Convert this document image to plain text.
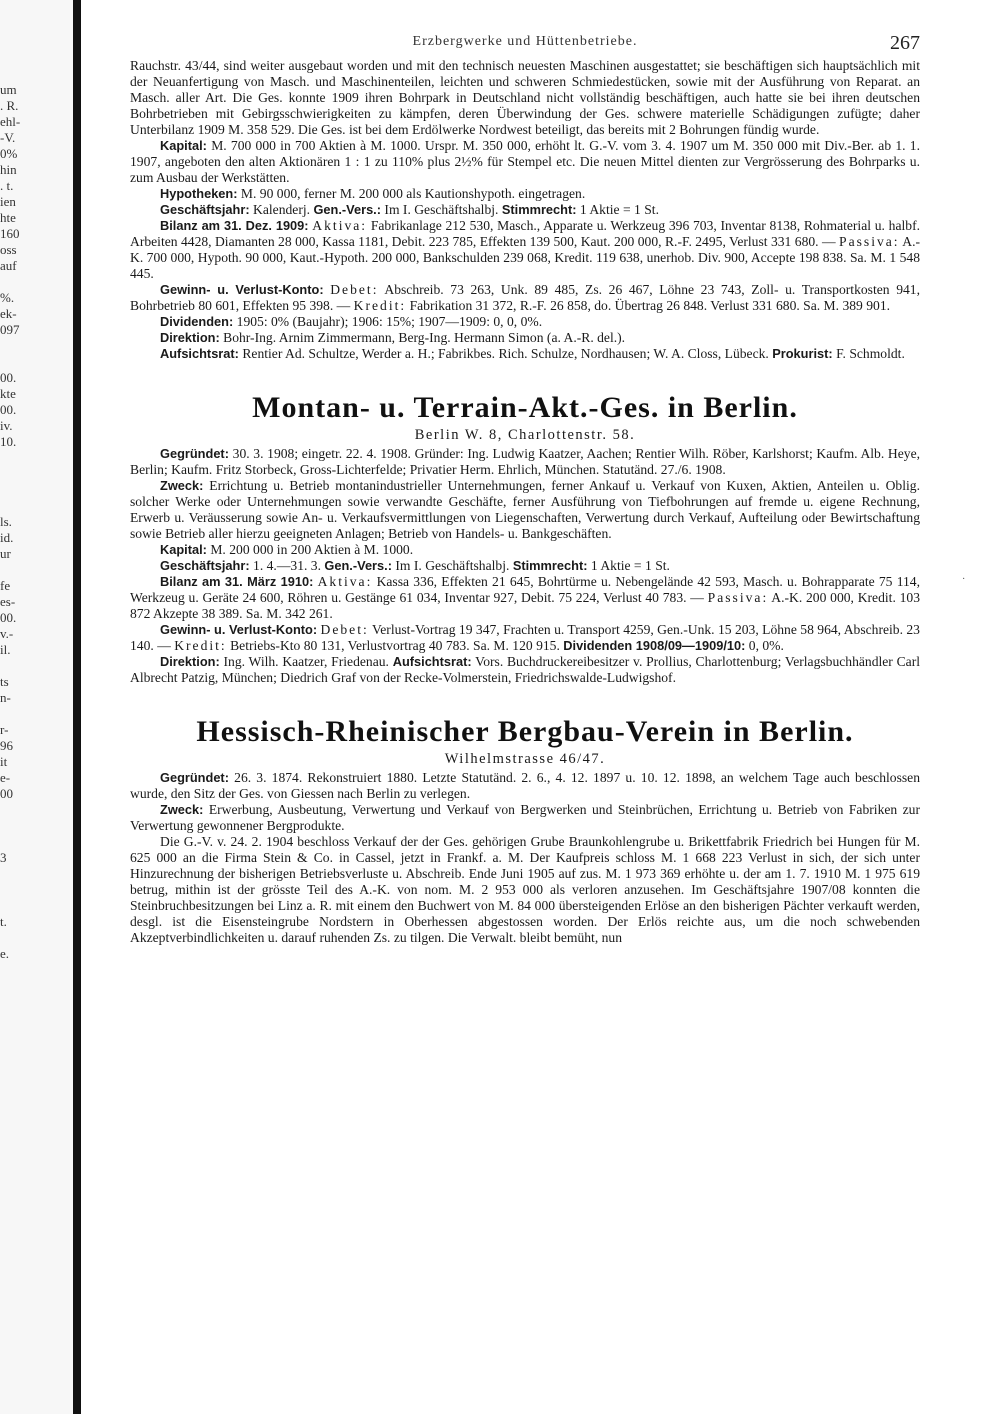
um
. R.
ehl-
-V.
0%
hin
. t.
ien
hte
160
oss
auf
%.
ek-
097
00.
kte
00.
iv.
10.
ls.
id.
ur
fe
es-
00.
v.-
il.
ts
n-
r-
96
it
e-
00
3
t.
e.
·
Erzbergwerke und Hüttenbetriebe.	267

Rauchstr. 43/44, sind weiter ausgebaut worden und mit den technisch neuesten Maschinen ausgestattet; sie beschäftigen sich hauptsächlich mit der Neuanfertigung von Masch. und Maschinenteilen, leichten und schweren Schmiedestücken, sowie mit der Ausführung von Reparat. an Masch. aller Art. Die Ges. konnte 1909 ihren Bohrpark in Deutschland nicht vollständig beschäftigen, auch hatte sie bei ihren deutschen Bohrbetrieben mit Gebirgsschwierigkeiten zu kämpfen, deren Überwindung der Ges. schwere materielle Schädigungen zufügte; daher Unterbilanz 1909 M. 358 529. Die Ges. ist bei dem Erdölwerke Nordwest beteiligt, das bereits mit 2 Bohrungen fündig wurde.

Kapital: M. 700 000 in 700 Aktien à M. 1000. Urspr. M. 350 000, erhöht lt. G.-V. vom 3. 4. 1907 um M. 350 000 mit Div.-Ber. ab 1. 1. 1907, angeboten den alten Aktionären 1 : 1 zu 110% plus 2½% für Stempel etc. Die neuen Mittel dienten zur Vergrösserung des Bohrparks u. zum Ausbau der Werkstätten.

Hypotheken: M. 90 000, ferner M. 200 000 als Kautionshypoth. eingetragen.

Geschäftsjahr: Kalenderj. Gen.-Vers.: Im I. Geschäftshalbj. Stimmrecht: 1 Aktie = 1 St.

Bilanz am 31. Dez. 1909: Aktiva: Fabrikanlage 212 530, Masch., Apparate u. Werkzeug 396 703, Inventar 8138, Rohmaterial u. halbf. Arbeiten 4428, Diamanten 28 000, Kassa 1181, Debit. 223 785, Effekten 139 500, Kaut. 200 000, R.-F. 2495, Verlust 331 680. — Passiva: A.-K. 700 000, Hypoth. 90 000, Kaut.-Hypoth. 200 000, Bankschulden 239 068, Kredit. 119 638, unerhob. Div. 900, Accepte 198 838. Sa. M. 1 548 445.

Gewinn- u. Verlust-Konto: Debet: Abschreib. 73 263, Unk. 89 485, Zs. 26 467, Löhne 23 743, Zoll- u. Transportkosten 941, Bohrbetrieb 80 601, Effekten 95 398. — Kredit: Fabrikation 31 372, R.-F. 26 858, do. Übertrag 26 848. Verlust 331 680. Sa. M. 389 901.

Dividenden: 1905: 0% (Baujahr); 1906: 15%; 1907—1909: 0, 0, 0%.

Direktion: Bohr-Ing. Arnim Zimmermann, Berg-Ing. Hermann Simon (a. A.-R. del.).

Aufsichtsrat: Rentier Ad. Schultze, Werder a. H.; Fabrikbes. Rich. Schulze, Nordhausen; W. A. Closs, Lübeck. Prokurist: F. Schmoldt.

Montan- u. Terrain-Akt.-Ges. in Berlin.
Berlin W. 8, Charlottenstr. 58.

Gegründet: 30. 3. 1908; eingetr. 22. 4. 1908. Gründer: Ing. Ludwig Kaatzer, Aachen; Rentier Wilh. Röber, Karlshorst; Kaufm. Alb. Heye, Berlin; Kaufm. Fritz Storbeck, Gross-Lichterfelde; Privatier Herm. Ehrlich, München. Statutänd. 27./6. 1908.

Zweck: Errichtung u. Betrieb montanindustrieller Unternehmungen, ferner Ankauf u. Verkauf von Kuxen, Aktien, Anteilen u. Oblig. solcher Werke oder Unternehmungen sowie verwandte Geschäfte, ferner Ausführung von Tiefbohrungen auf fremde u. eigene Rechnung, Erwerb u. Veräusserung sowie An- u. Verkaufsvermittlungen von Liegenschaften, Verwertung durch Verkauf, Aufteilung oder Bewirtschaftung sowie Betrieb aller hierzu geeigneten Anlagen; Betrieb von Handels- u. Bankgeschäften.

Kapital: M. 200 000 in 200 Aktien à M. 1000.

Geschäftsjahr: 1. 4.—31. 3. Gen.-Vers.: Im I. Geschäftshalbj. Stimmrecht: 1 Aktie = 1 St.

Bilanz am 31. März 1910: Aktiva: Kassa 336, Effekten 21 645, Bohrtürme u. Nebengelände 42 593, Masch. u. Bohrapparate 75 114, Werkzeug u. Geräte 24 600, Röhren u. Gestänge 61 034, Inventar 927, Debit. 75 224, Verlust 40 783. — Passiva: A.-K. 200 000, Kredit. 103 872 Akzepte 38 389. Sa. M. 342 261.

Gewinn- u. Verlust-Konto: Debet: Verlust-Vortrag 19 347, Frachten u. Transport 4259, Gen.-Unk. 15 203, Löhne 58 964, Abschreib. 23 140. — Kredit: Betriebs-Kto 80 131, Verlustvortrag 40 783. Sa. M. 120 915. Dividenden 1908/09—1909/10: 0, 0%.

Direktion: Ing. Wilh. Kaatzer, Friedenau. Aufsichtsrat: Vors. Buchdruckereibesitzer v. Prollius, Charlottenburg; Verlagsbuchhändler Carl Albrecht Patzig, München; Diedrich Graf von der Recke-Volmerstein, Friedrichswalde-Ludwigshof.

Hessisch-Rheinischer Bergbau-Verein in Berlin.
Wilhelmstrasse 46/47.

Gegründet: 26. 3. 1874. Rekonstruiert 1880. Letzte Statutänd. 2. 6., 4. 12. 1897 u. 10. 12. 1898, an welchem Tage auch beschlossen wurde, den Sitz der Ges. von Giessen nach Berlin zu verlegen.

Zweck: Erwerbung, Ausbeutung, Verwertung und Verkauf von Bergwerken und Steinbrüchen, Errichtung u. Betrieb von Fabriken zur Verwertung gewonnener Bergprodukte.

Die G.-V. v. 24. 2. 1904 beschloss Verkauf der der Ges. gehörigen Grube Braunkohlengrube u. Brikettfabrik Friedrich bei Hungen für M. 625 000 an die Firma Stein & Co. in Cassel, jetzt in Frankf. a. M. Der Kaufpreis schloss M. 1 668 223 Verlust in sich, der sich unter Hinzurechnung der bisherigen Betriebsverluste u. Abschreib. Ende Juni 1905 auf zus. M. 1 973 369 erhöhte u. der am 1. 7. 1910 M. 1 975 619 betrug, mithin ist der grösste Teil des A.-K. von nom. M. 2 953 000 als verloren anzusehen. Im Geschäftsjahre 1907/08 konnten die Steinbruchbesitzungen bei Linz a. R. mit einem den Buchwert von M. 84 000 übersteigenden Erlöse an den bisherigen Pächter verkauft werden, desgl. ist die Eisensteingrube Nordstern in Oberhessen abgestossen worden. Der Erlös reichte aus, um die noch schwebenden Akzeptverbindlichkeiten u. darauf ruhenden Zs. zu tilgen. Die Verwalt. bleibt bemüht, nun
